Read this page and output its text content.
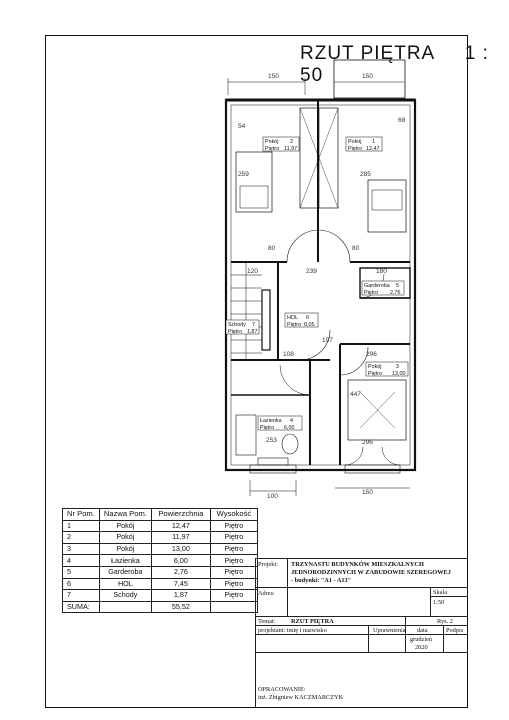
RZUT PIĘTRA 1 : 50
150	150
54
68
259	285
80	80
120	239	180
197
108	296
447
253	296
100
150
Pokój 2
Piętro 11,97
Pokój 1
Piętro 12,47
Garderoba 5
Piętro 2,76
HOL 6
Piętro 8,05
Schody 7
Piętro 1,87
Pokój	3
Piętro 13,00
Łazienka 4
Piętro 6,00
Nr Pom.	Nazwa Pom.	Powierzchnia	Wysokość
1	Pokój	12,47	Piętro
2	Pokój	11,97	Piętro
3	Pokój	13,00	Piętro
4	Łazienka	6,00	Piętro
5	Garderoba	2,76	Piętro
6	HOL	7,45	Piętro
7	Schody	1,87	Piętro
SUMA:		55,52	
Projekt: TRZYNASTU BUDYNKÓW MIESZKALNYCH
JEDNORODZINNYCH W ZABUDOWIE SZEREGOWEJ
- budynki: "A1 - A13"
Adres:	Skala
1:50
Temat: RZUT PIĘTRA	Rys. 2
projektant: imię i nazwisko	Uprawnienia data	Podpis
grudzień
2020
OPRACOWANIE:
inż. Zbigniew KACZMARCZYK
